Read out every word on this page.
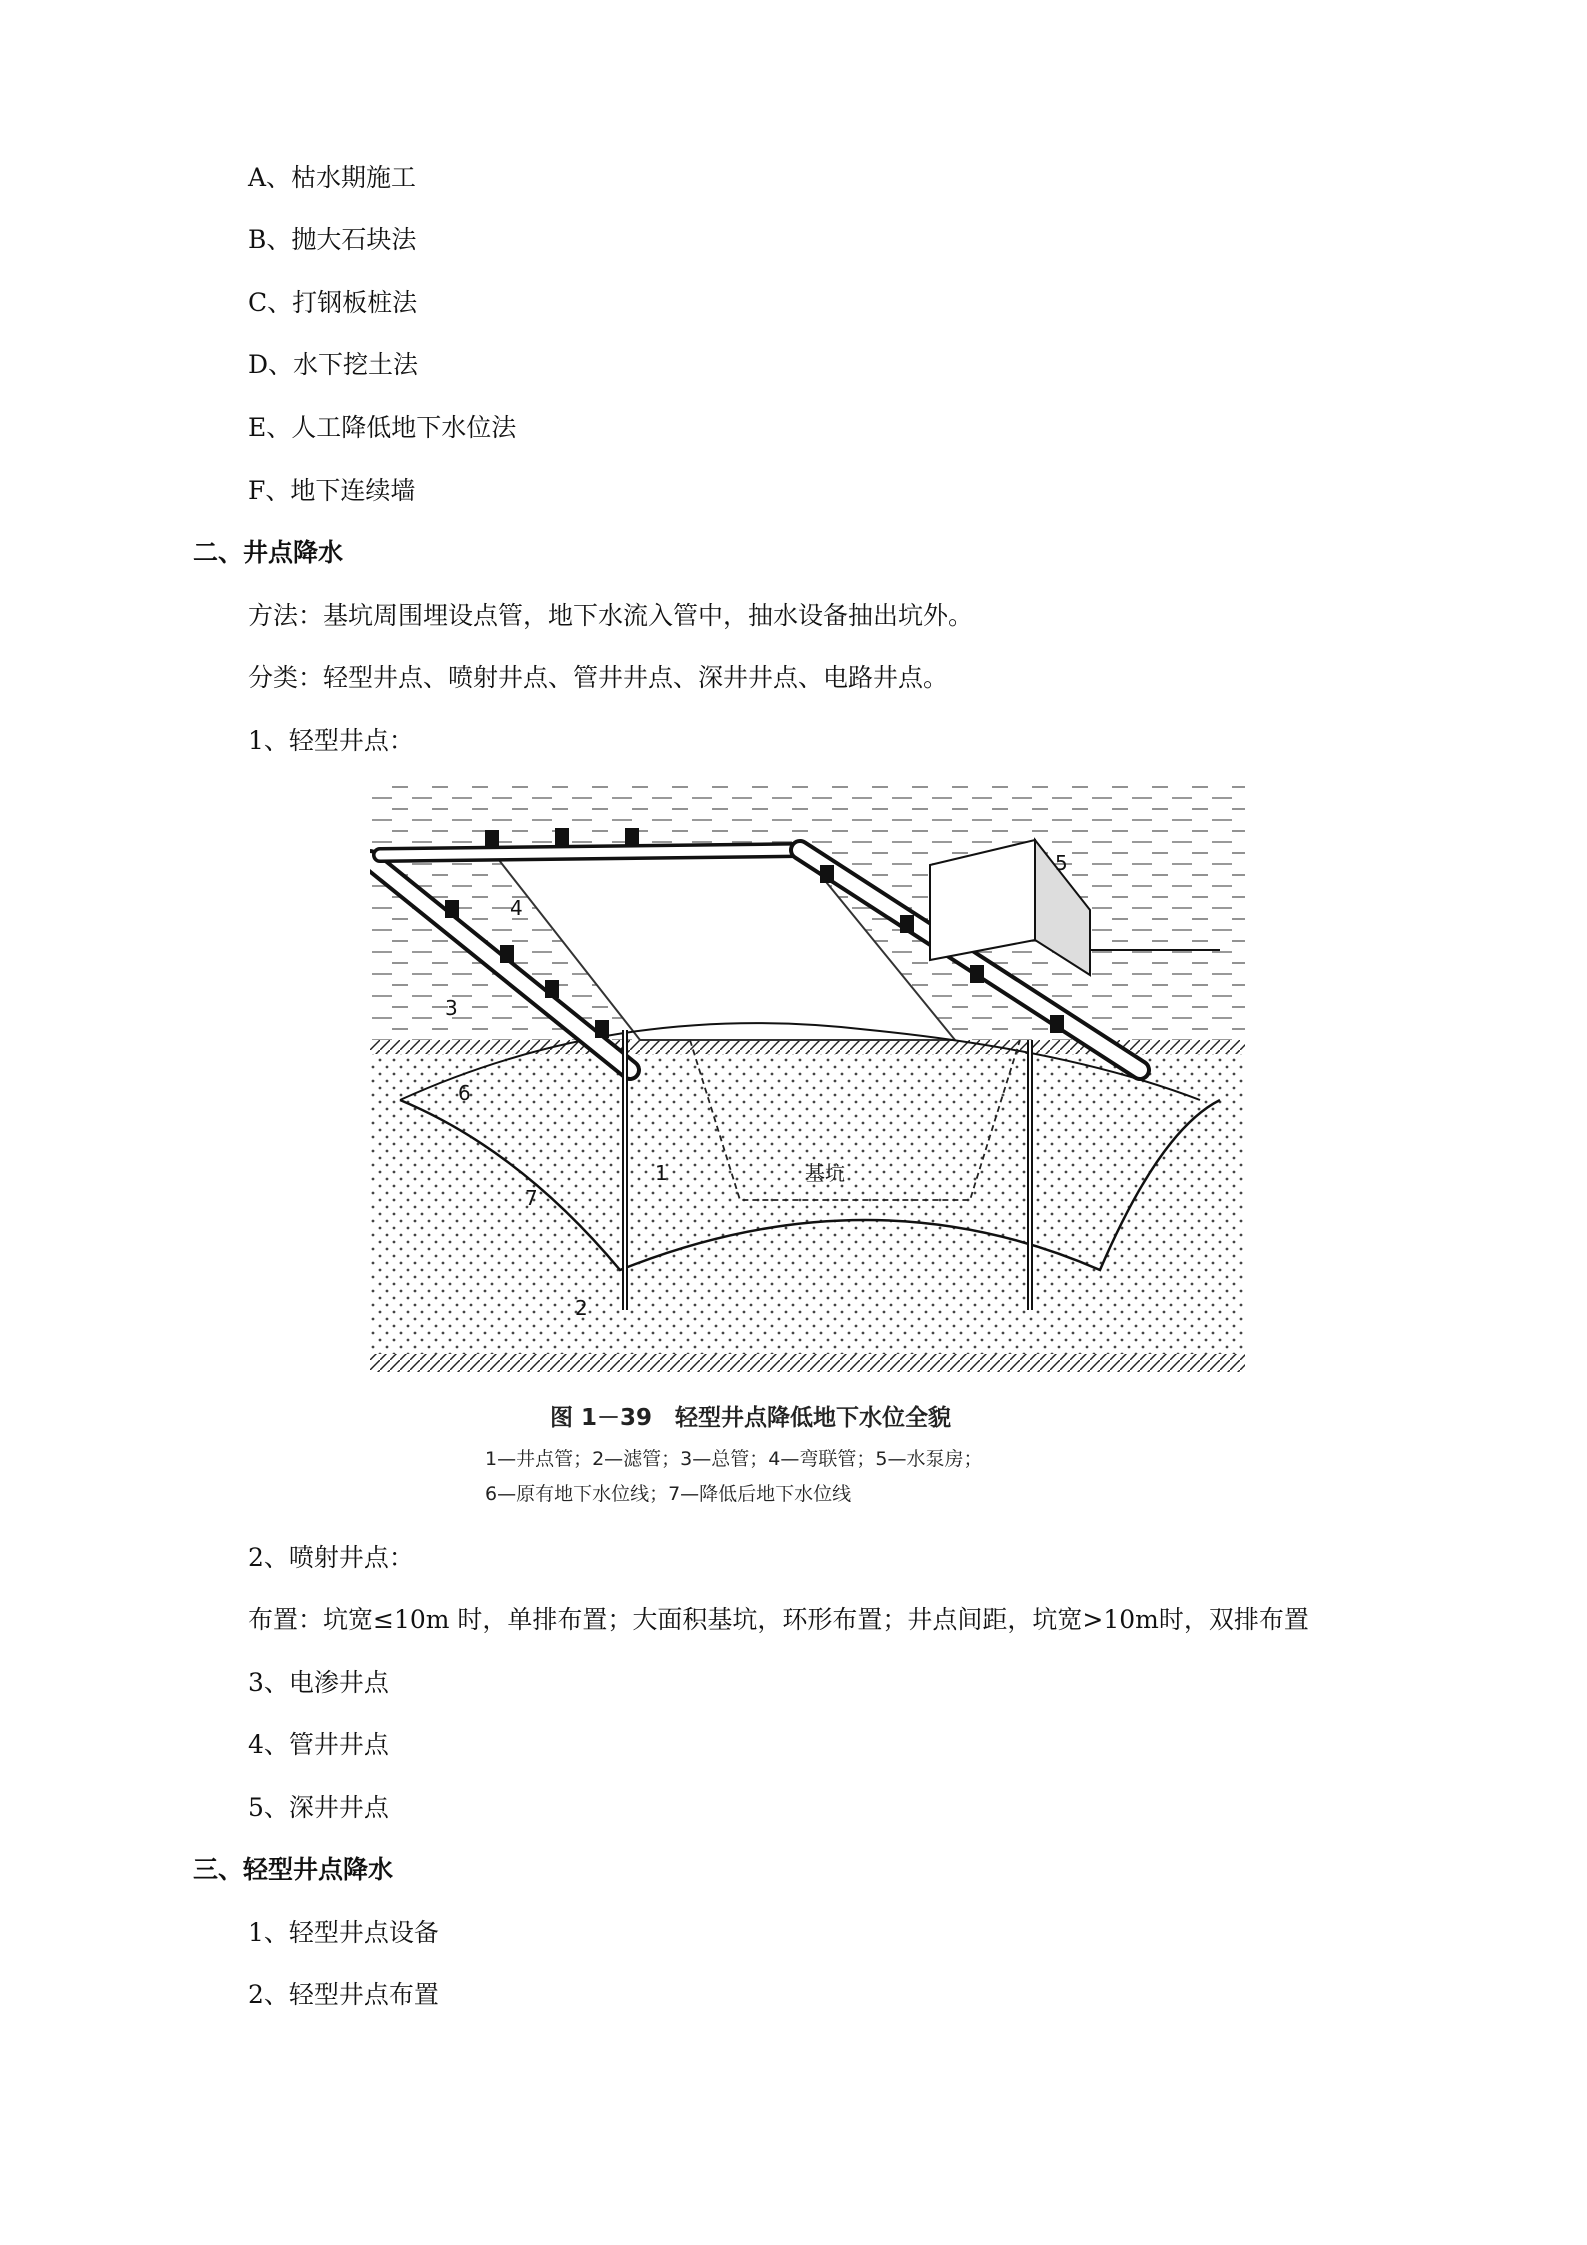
A、枯水期施工
B、抛大石块法
C、打钢板桩法
D、水下挖土法
E、人工降低地下水位法
F、地下连续墙
二、井点降水
方法：基坑周围埋设点管，地下水流入管中，抽水设备抽出坑外。
分类：轻型井点、喷射井点、管井井点、深井井点、电路井点。
1、轻型井点：
基坑
1
2
3
4
5
6
7
图 1－39　轻型井点降低地下水位全貌
1—井点管；2—滤管；3—总管；4—弯联管；5—水泵房；
6—原有地下水位线；7—降低后地下水位线
2、喷射井点：
布置：坑宽≤10m 时，单排布置；大面积基坑，环形布置；井点间距，坑宽>10m时，双排布置
3、电渗井点
4、管井井点
5、深井井点
三、轻型井点降水
1、轻型井点设备
2、轻型井点布置
